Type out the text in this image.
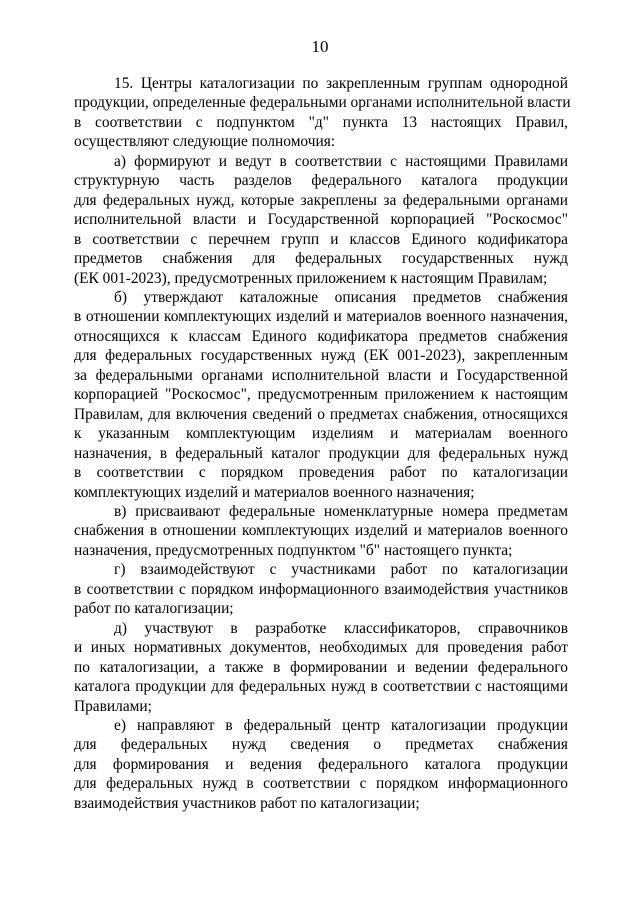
10
15. Центры каталогизации по закрепленным группам однородной
продукции, определенные федеральными органами исполнительной власти
в соответствии с подпунктом "д" пункта 13 настоящих Правил,
осуществляют следующие полномочия:
а) формируют и ведут в соответствии с настоящими Правилами
структурную часть разделов федерального каталога продукции
для федеральных нужд, которые закреплены за федеральными органами
исполнительной власти и Государственной корпорацией "Роскосмос"
в соответствии с перечнем групп и классов Единого кодификатора
предметов снабжения для федеральных государственных нужд
(ЕК 001-2023), предусмотренных приложением к настоящим Правилам;
б) утверждают каталожные описания предметов снабжения
в отношении комплектующих изделий и материалов военного назначения,
относящихся к классам Единого кодификатора предметов снабжения
для федеральных государственных нужд (ЕК 001-2023), закрепленным
за федеральными органами исполнительной власти и Государственной
корпорацией "Роскосмос", предусмотренным приложением к настоящим
Правилам, для включения сведений о предметах снабжения, относящихся
к указанным комплектующим изделиям и материалам военного
назначения, в федеральный каталог продукции для федеральных нужд
в соответствии с порядком проведения работ по каталогизации
комплектующих изделий и материалов военного назначения;
в) присваивают федеральные номенклатурные номера предметам
снабжения в отношении комплектующих изделий и материалов военного
назначения, предусмотренных подпунктом "б" настоящего пункта;
г) взаимодействуют с участниками работ по каталогизации
в соответствии с порядком информационного взаимодействия участников
работ по каталогизации;
д) участвуют в разработке классификаторов, справочников
и иных нормативных документов, необходимых для проведения работ
по каталогизации, а также в формировании и ведении федерального
каталога продукции для федеральных нужд в соответствии с настоящими
Правилами;
е) направляют в федеральный центр каталогизации продукции
для федеральных нужд сведения о предметах снабжения
для формирования и ведения федерального каталога продукции
для федеральных нужд в соответствии с порядком информационного
взаимодействия участников работ по каталогизации;
